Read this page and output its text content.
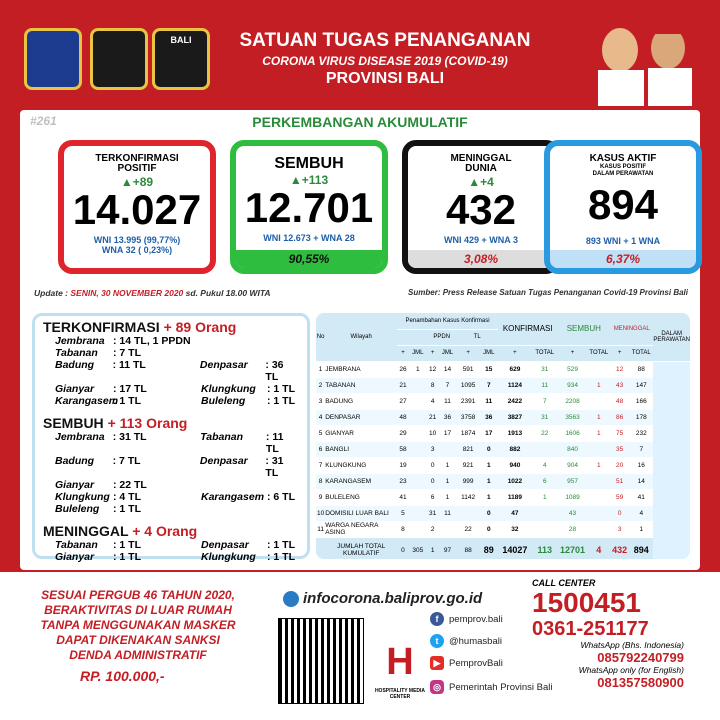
BALI	SATUAN TUGAS PENANGANAN
CORONA VIRUS DISEASE 2019 (COVID-19)
PROVINSI BALI
#261	PERKEMBANGAN AKUMULATIF
TERKONFIRMASI
POSITIF
▲+89
14.027
WNI 13.995 (99,77%)
WNA 32 ( 0,23%)
SEMBUH
▲+113
12.701
WNI 12.673 + WNA 28
90,55%
MENINGGAL
DUNIA
▲+4
432
WNI 429 + WNA 3
3,08%
KASUS AKTIF
KASUS POSITIF
DALAM PERAWATAN
894
893 WNI + 1 WNA
6,37%
Update : SENIN, 30 NOVEMBER 2020 sd. Pukul 18.00 WITA	Sumber: Press Release Satuan Tugas Penanganan Covid-19 Provinsi Bali
TERKONFIRMASI + 89 Orang
Jembrana : 14 TL, 1 PPDN
Tabanan	: 7 TL
Badung	: 11 TL	Denpasar	: 36 TL
Gianyar	: 17 TL	Klungkung	: 1 TL
Karangasem
: 1 TL	Buleleng	: 1 TL
SEMBUH + 113 Orang
Jembrana : 31 TL	Tabanan	: 11 TL
Badung	: 7 TL	Denpasar	: 31 TL
Gianyar	: 22 TL
Klungkung : 4 TL	Karangasem : 6 TL
Buleleng	: 1 TL
MENINGGAL + 4 Orang
Tabanan	: 1 TL	Denpasar	: 1 TL
Gianyar	: 1 TL	Klungkung	: 1 TL
No	Wilayah	Penambahan Kasus Konfirmasi						KONFIRMASI		SEMBUH		MENINGGAL		DALAM PERAWATAN
				PPDN		TL								
		+	JML	+	JML	+	JML	+	TOTAL	+	TOTAL	+	TOTAL	
1	JEMBRANA	26	1	12	14	591	15	629	31	529		12	88	
2	TABANAN	21		8	7	1095	7	1124	11	934	1	43	147	
3	BADUNG	27		4	11	2391	11	2422	7	2208		48	166	
4	DENPASAR	48		21	36	3758	36	3827	31	3563	1	86	178	
5	GIANYAR	29		10	17	1874	17	1913	22	1606	1	75	232	
6	BANGLI	58		3		821	0	882		840		35	7	
7	KLUNGKUNG	19		0	1	921	1	940	4	904	1	20	16	
8	KARANGASEM	23		0	1	999	1	1022	6	957		51	14	
9	BULELENG	41		6	1	1142	1	1189	1	1089		59	41	
10	DOMISILI LUAR BALI	5		31	11		0	47		43		0	4	
11	WARGA NEGARA ASING	8		2		22	0	32		28		3	1	
	JUMLAH TOTAL KUMULATIF	0	305	1	97	88	89	14027	113	12701	4	432	894	
SESUAI PERGUB 46 TAHUN 2020,
BERAKTIVITAS DI LUAR RUMAH
TANPA MENGGUNAKAN MASKER
DAPAT DIKENAKAN SANKSI
DENDA ADMINISTRATIF
RP. 100.000,-
infocorona.baliprov.go.id
H
HOSPITALITY MEDIA CENTER
f	pemprov.bali
t	@humasbali
▶ PemprovBali
◎ Pemerintah Provinsi Bali
CALL CENTER
1500451
0361-251177
WhatsApp (Bhs. Indonesia)
085792240799
WhatsApp only (for English)
081357580900
